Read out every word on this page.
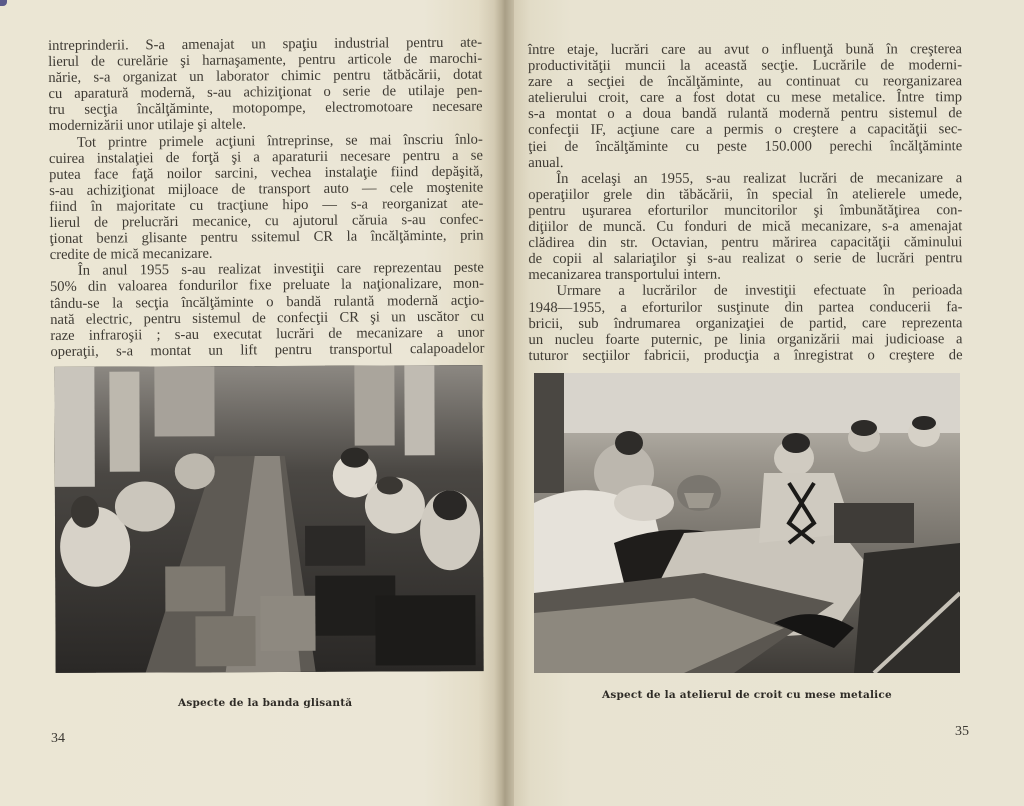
intreprinderii. S-a amenajat un spaţiu industrial pentru ate-
lierul de curelărie şi harnaşamente, pentru articole de marochi-
nărie, s-a organizat un laborator chimic pentru tătbăcării, dotat
cu aparatură modernă, s-au achiziţionat o serie de utilaje pen-
tru secţia încălţăminte, motopompe, electromotoare necesare
modernizării unor utilaje şi altele.
Tot printre primele acţiuni întreprinse, se mai înscriu înlo-
cuirea instalaţiei de forţă şi a aparaturii necesare pentru a se
putea face faţă noilor sarcini, vechea instalaţie fiind depăşită,
s-au achiziţionat mijloace de transport auto — cele moştenite
fiind în majoritate cu tracţiune hipo — s-a reorganizat ate-
lierul de prelucrări mecanice, cu ajutorul căruia s-au confec-
ţionat benzi glisante pentru ssitemul CR la încălţăminte, prin
credite de mică mecanizare.
În anul 1955 s-au realizat investiţii care reprezentau peste
50% din valoarea fondurilor fixe preluate la naţionalizare, mon-
tându-se la secţia încălţăminte o bandă rulantă modernă acţio-
nată electric, pentru sistemul de confecţii CR şi un uscător cu
raze infraroşii ; s-au executat lucrări de mecanizare a unor
operaţii, s-a montat un lift pentru transportul calapoadelor
Aspecte de la banda glisantă
34
între etaje, lucrări care au avut o influenţă bună în creşterea
productivităţii muncii la această secţie. Lucrările de moderni-
zare a secţiei de încălţăminte, au continuat cu reorganizarea
atelierului croit, care a fost dotat cu mese metalice. Între timp
s-a montat o a doua bandă rulantă modernă pentru sistemul de
confecţii IF, acţiune care a permis o creştere a capacităţii sec-
ţiei de încălţăminte cu peste 150.000 perechi încălţăminte
anual.
În acelaşi an 1955, s-au realizat lucrări de mecanizare a
operaţiilor grele din tăbăcării, în special în atelierele umede,
pentru uşurarea eforturilor muncitorilor şi îmbunătăţirea con-
diţiilor de muncă. Cu fonduri de mică mecanizare, s-a amenajat
clădirea din str. Octavian, pentru mărirea capacităţii căminului
de copii al salariaţilor şi s-au realizat o serie de lucrări pentru
mecanizarea transportului intern.
Urmare a lucrărilor de investiţii efectuate în perioada
1948—1955, a eforturilor susţinute din partea conducerii fa-
bricii, sub îndrumarea organizaţiei de partid, care reprezenta
un nucleu foarte puternic, pe linia organizării mai judicioase a
tuturor secţiilor fabricii, producţia a înregistrat o creştere de
Aspect de la atelierul de croit cu mese metalice
35
